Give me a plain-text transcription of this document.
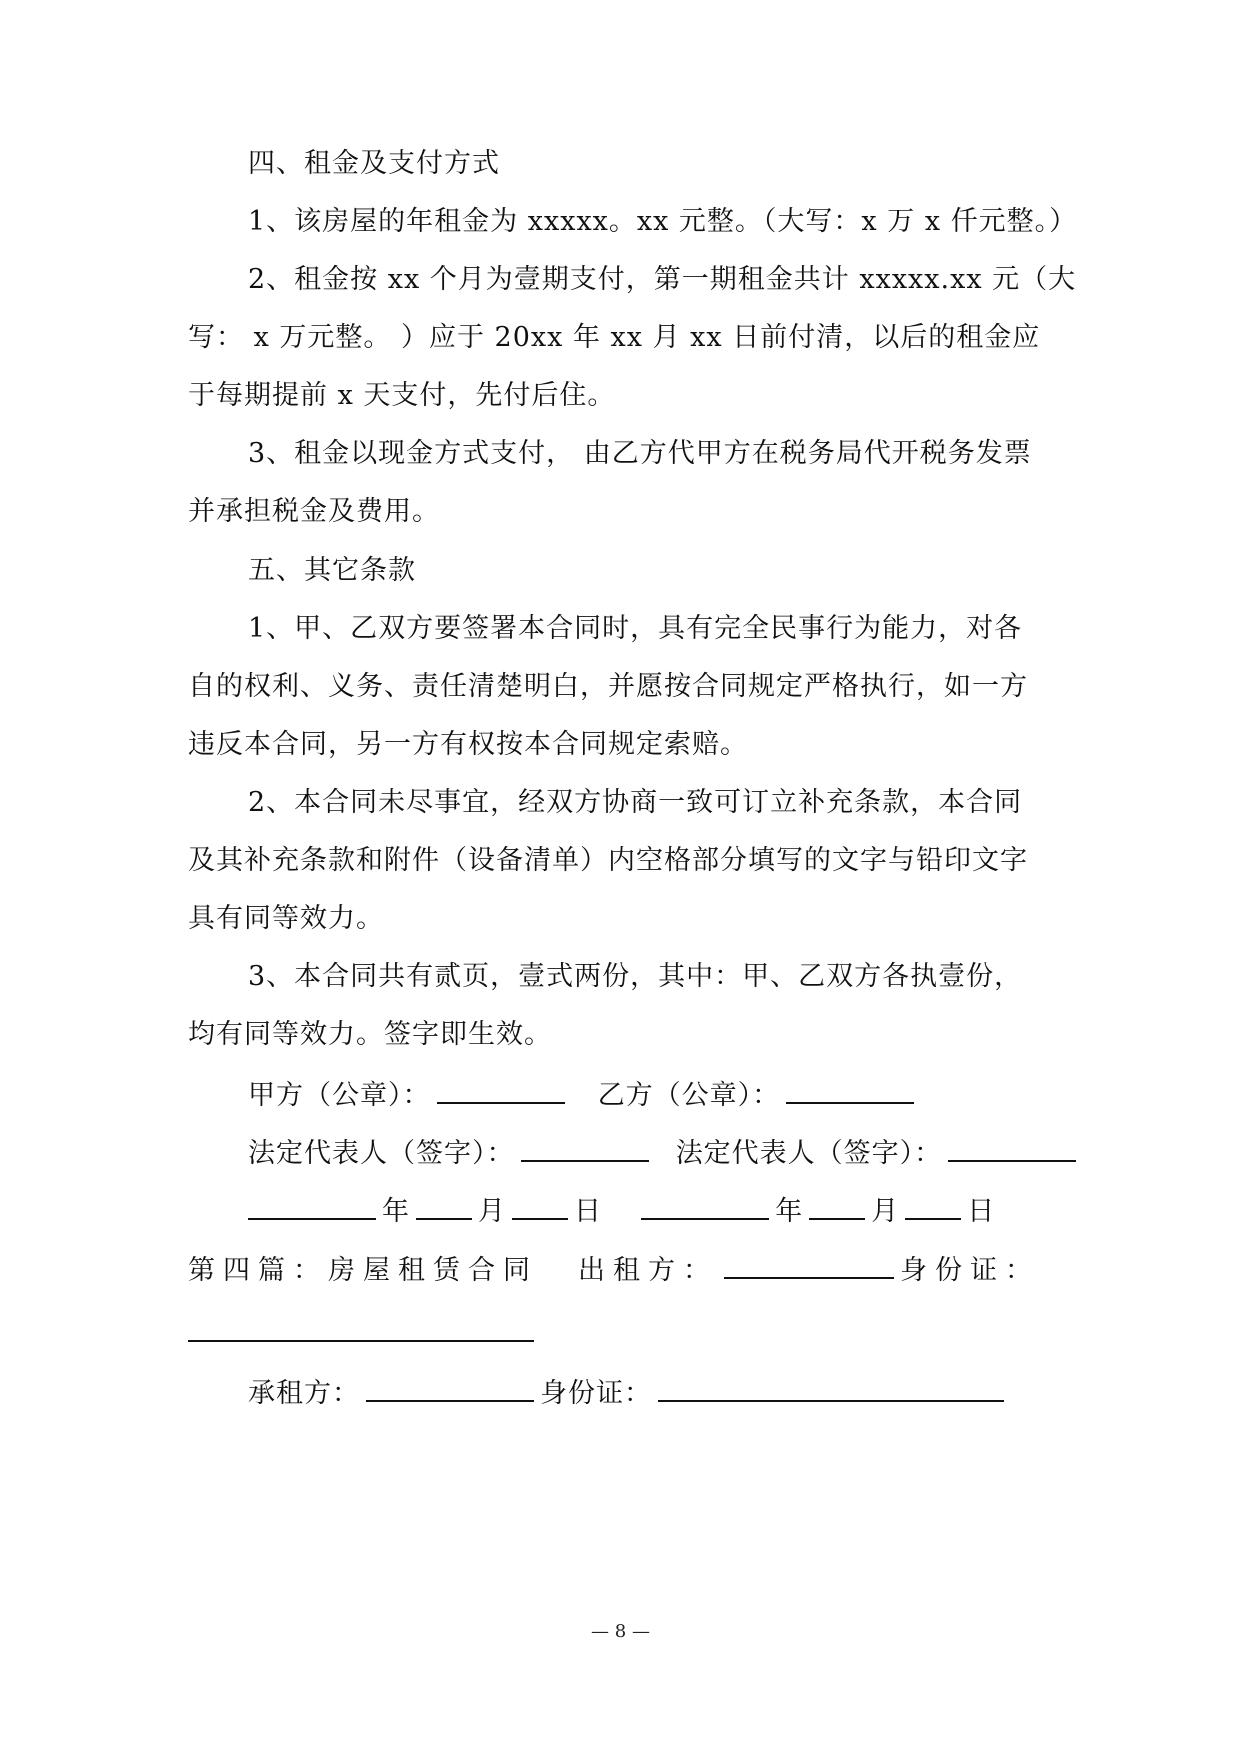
四、租金及支付方式
1、该房屋的年租金为 xxxxx。xx 元整。（大写：x 万 x 仟元整。）
2、租金按 xx 个月为壹期支付，第一期租金共计 xxxxx.xx 元（大
写： x 万元整。 ）应于 20xx 年 xx 月 xx 日前付清，以后的租金应
于每期提前 x 天支付，先付后住。
3、租金以现金方式支付， 由乙方代甲方在税务局代开税务发票
并承担税金及费用。
五、其它条款
1、甲、乙双方要签署本合同时，具有完全民事行为能力，对各
自的权利、义务、责任清楚明白，并愿按合同规定严格执行，如一方
违反本合同，另一方有权按本合同规定索赔。
2、本合同未尽事宜，经双方协商一致可订立补充条款，本合同
及其补充条款和附件（设备清单）内空格部分填写的文字与铅印文字
具有同等效力。
3、本合同共有贰页，壹式两份，其中：甲、乙双方各执壹份，
均有同等效力。签字即生效。
甲方（公章）：	乙方（公章）：
法定代表人（签字）：	法定代表人（签字）：
年	月	日	年	月	日
第四篇：房屋租赁合同 出租方：	身份证：
承租方：	身份证：
— 8 —
